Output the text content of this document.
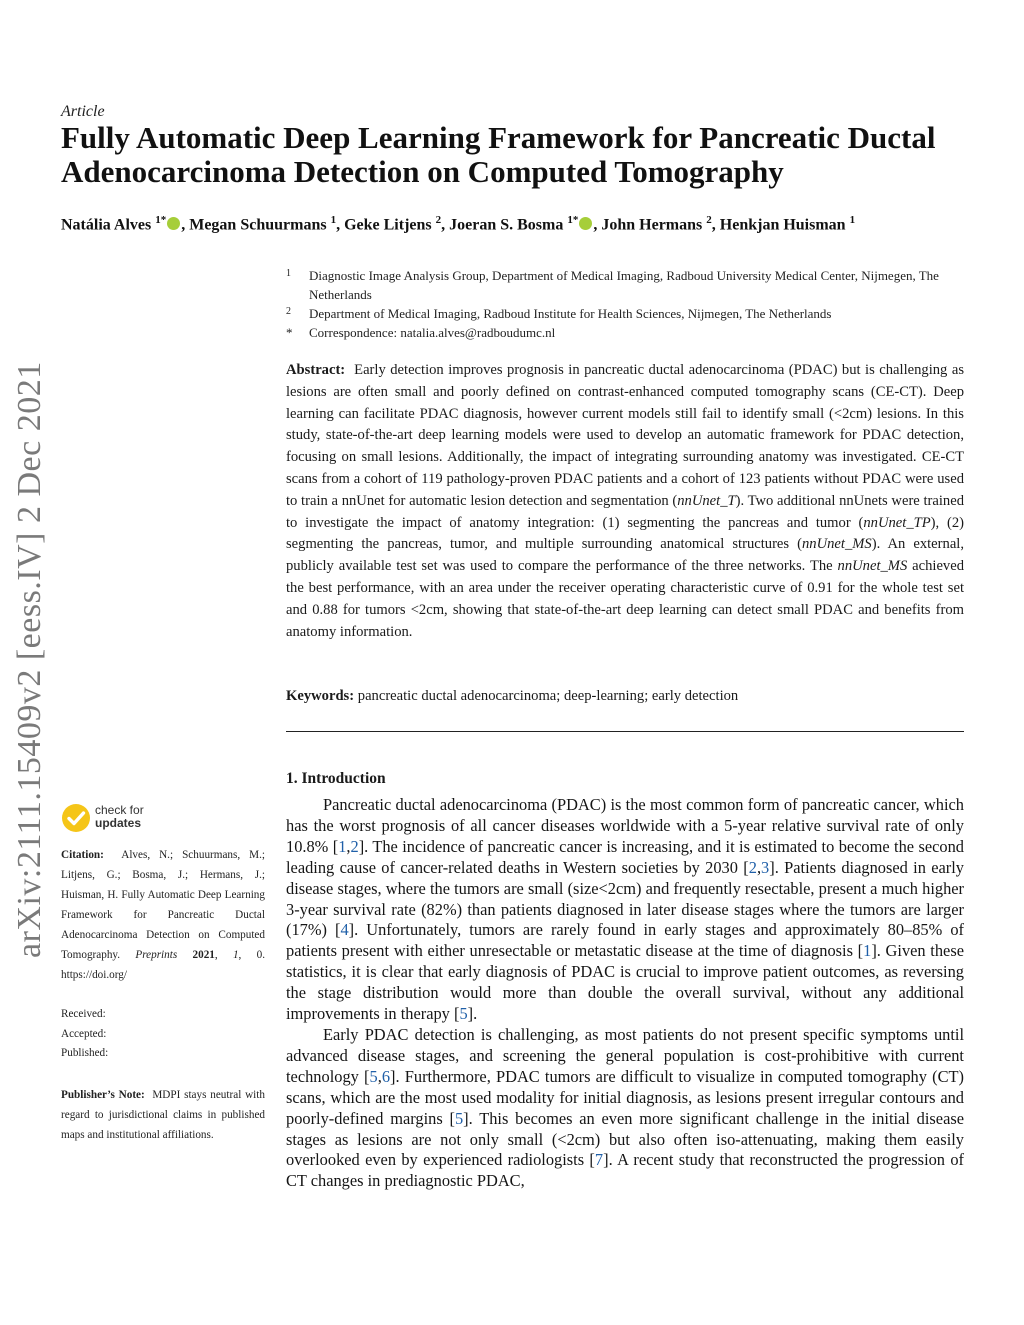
arXiv:2111.15409v2 [eess.IV] 2 Dec 2021
Article
Fully Automatic Deep Learning Framework for Pancreatic Ductal
Adenocarcinoma Detection on Computed Tomography
Natália Alves $^{1*}$ , Megan Schuurmans $^1$, Geke Litjens $^2$, Joeran S. Bosma $^{1*}$ , John Hermans $^2$, Henkjan Huisman $^1$
1 Diagnostic Image Analysis Group, Department of Medical Imaging, Radboud University Medical Center, Nijmegen, The Netherlands
2 Department of Medical Imaging, Radboud Institute for Health Sciences, Nijmegen, The Netherlands
* Correspondence: natalia.alves@radboudumc.nl
Abstract: Early detection improves prognosis in pancreatic ductal adenocarcinoma (PDAC) but is challenging as lesions are often small and poorly defined on contrast-enhanced computed tomography scans (CE-CT). Deep learning can facilitate PDAC diagnosis, however current models still fail to identify small (<2cm) lesions. In this study, state-of-the-art deep learning models were used to develop an automatic framework for PDAC detection, focusing on small lesions. Additionally, the impact of integrating surrounding anatomy was investigated. CE-CT scans from a cohort of 119 pathology-proven PDAC patients and a cohort of 123 patients without PDAC were used to train a nnUnet for automatic lesion detection and segmentation (nnUnet_T). Two additional nnUnets were trained to investigate the impact of anatomy integration: (1) segmenting the pancreas and tumor (nnUnet_TP), (2) segmenting the pancreas, tumor, and multiple surrounding anatomical structures (nnUnet_MS). An external, publicly available test set was used to compare the performance of the three networks. The nnUnet_MS achieved the best performance, with an area under the receiver operating characteristic curve of 0.91 for the whole test set and 0.88 for tumors <2cm, showing that state-of-the-art deep learning can detect small PDAC and benefits from anatomy information.
Keywords: pancreatic ductal adenocarcinoma; deep-learning; early detection
1. Introduction

Pancreatic ductal adenocarcinoma (PDAC) is the most common form of pancreatic cancer, which has the worst prognosis of all cancer diseases worldwide with a 5-year relative survival rate of only 10.8% [1,2]. The incidence of pancreatic cancer is increasing, and it is estimated to become the second leading cause of cancer-related deaths in Western societies by 2030 [2,3]. Patients diagnosed in early disease stages, where the tumors are small (size<2cm) and frequently resectable, present a much higher 3-year survival rate (82%) than patients diagnosed in later disease stages where the tumors are larger (17%) [4]. Unfortunately, tumors are rarely found in early stages and approximately 80–85% of patients present with either unresectable or metastatic disease at the time of diagnosis [1]. Given these statistics, it is clear that early diagnosis of PDAC is crucial to improve patient outcomes, as reversing the stage distribution would more than double the overall survival, without any additional improvements in therapy [5].

Early PDAC detection is challenging, as most patients do not present specific symptoms until advanced disease stages, and screening the general population is cost-prohibitive with current technology [5,6]. Furthermore, PDAC tumors are difficult to visualize in computed tomography (CT) scans, which are the most used modality for initial diagnosis, as lesions present irregular contours and poorly-defined margins [5]. This becomes an even more significant challenge in the initial disease stages as lesions are not only small (<2cm) but also often iso-attenuating, making them easily overlooked even by experienced radiologists [7]. A recent study that reconstructed the progression of CT changes in prediagnostic PDAC,

check for
updates
Citation: Alves, N.; Schuurmans, M.; Litjens, G.; Bosma, J.; Hermans, J.; Huisman, H. Fully Automatic Deep Learning Framework for Pancreatic Ductal Adenocarcinoma Detection on Computed Tomography. Preprints 2021, 1, 0. https://doi.org/
Received:
Accepted:
Published:
Publisher’s Note: MDPI stays neutral with regard to jurisdictional claims in published maps and institutional affiliations.
